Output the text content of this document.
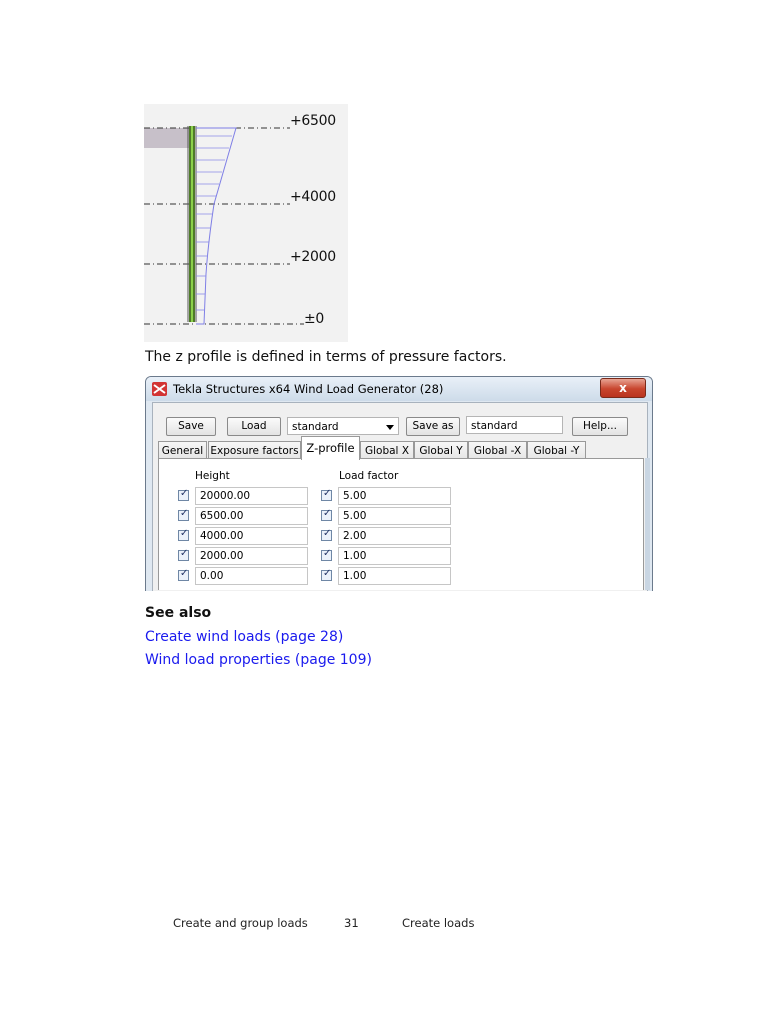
+6500
+4000
+2000
±0
The z profile is defined in terms of pressure factors.
Tekla Structures x64 Wind Load Generator (28)	x
Save	Load	standard	Save as	standard	Help...
General Exposure factors Z-profile Global X Global Y	Global -X	Global -Y
Height	Load factor
✓	20000.00	✓	5.00
✓	6500.00	✓	5.00
✓	4000.00	✓	2.00
✓	2000.00	✓	1.00
✓	0.00	✓	1.00
See also
Create wind loads (page 28)
Wind load properties (page 109)
Create and group loads	31	Create loads
